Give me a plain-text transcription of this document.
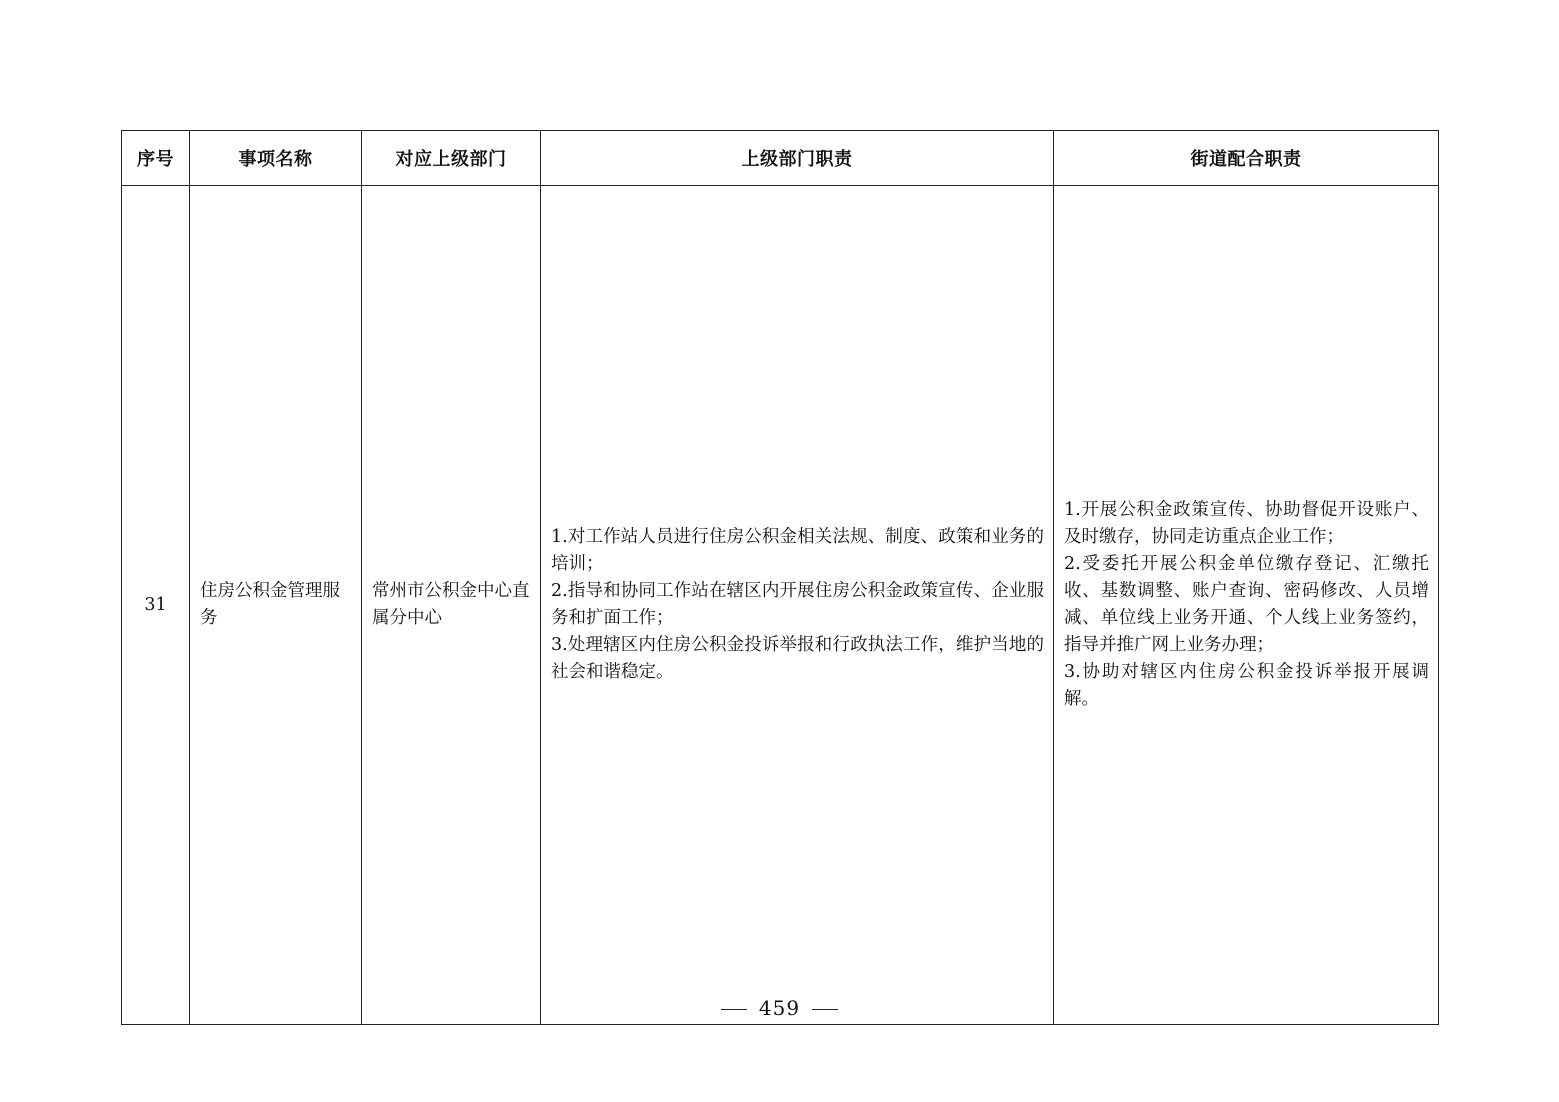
序号	事项名称	对应上级部门	上级部门职责	街道配合职责
31	住房公积金管理服务	常州市公积金中心直属分中心	1.对工作站人员进行住房公积金相关法规、制度、政策和业务的培训；
2.指导和协同工作站在辖区内开展住房公积金政策宣传、企业服务和扩面工作；
3.处理辖区内住房公积金投诉举报和行政执法工作，维护当地的社会和谐稳定。	1.开展公积金政策宣传、协助督促开设账户、及时缴存，协同走访重点企业工作；
2.受委托开展公积金单位缴存登记、汇缴托收、基数调整、账户查询、密码修改、人员增减、单位线上业务开通、个人线上业务签约，指导并推广网上业务办理；
3.协助对辖区内住房公积金投诉举报开展调解。
459
